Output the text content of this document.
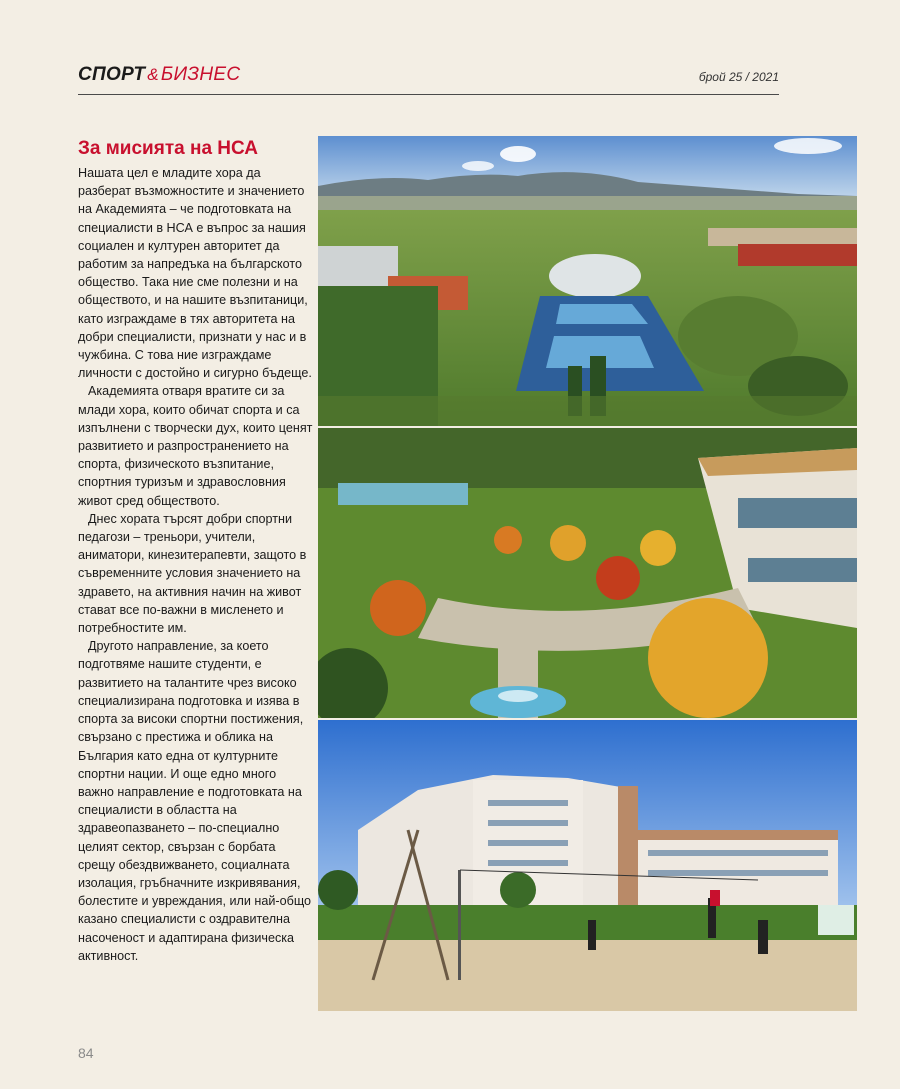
СПОРТ & БИЗНЕС	брой 25 / 2021
За мисията на НСА

Нашата цел е младите хора да разберат възможностите и значението на Академията – че подготовката на специалисти в НСА е въпрос за нашия социален и културен авторитет да работим за напредъка на българското общество. Така ние сме полезни и на обществото, и на нашите възпитаници, като изграждаме в тях авторитета на добри специалисти, признати у нас и в чужбина. С това ние изграждаме личности с достойно и сигурно бъдеще.

Академията отваря вратите си за млади хора, които обичат спорта и са изпълнени с творчески дух, които ценят развитието и разпространението на спорта, физическото възпитание, спортния туризъм и здравословния живот сред обществото.

Днес хората търсят добри спортни педагози – треньори, учители, аниматори, кинезитерапевти, защото в съвременните условия значението на здравето, на активния начин на живот стават все по-важни в мисленето и потребностите им.

Другото направление, за което подготвяме нашите студенти, е развитието на талантите чрез високо специализирана подготовка и изява в спорта за високи спортни постижения, свързано с престижа и облика на България като една от културните спортни нации. И още едно много важно направление е подготовката на специалисти в областта на здравеопазването – по-специално целият сектор, свързан с борбата срещу обездвижването, социалната изолация, гръбначните изкривявания, болестите и увреждания, или най-общо казано специалисти с оздравителна насоченост и адаптирана физическа активност.

84
